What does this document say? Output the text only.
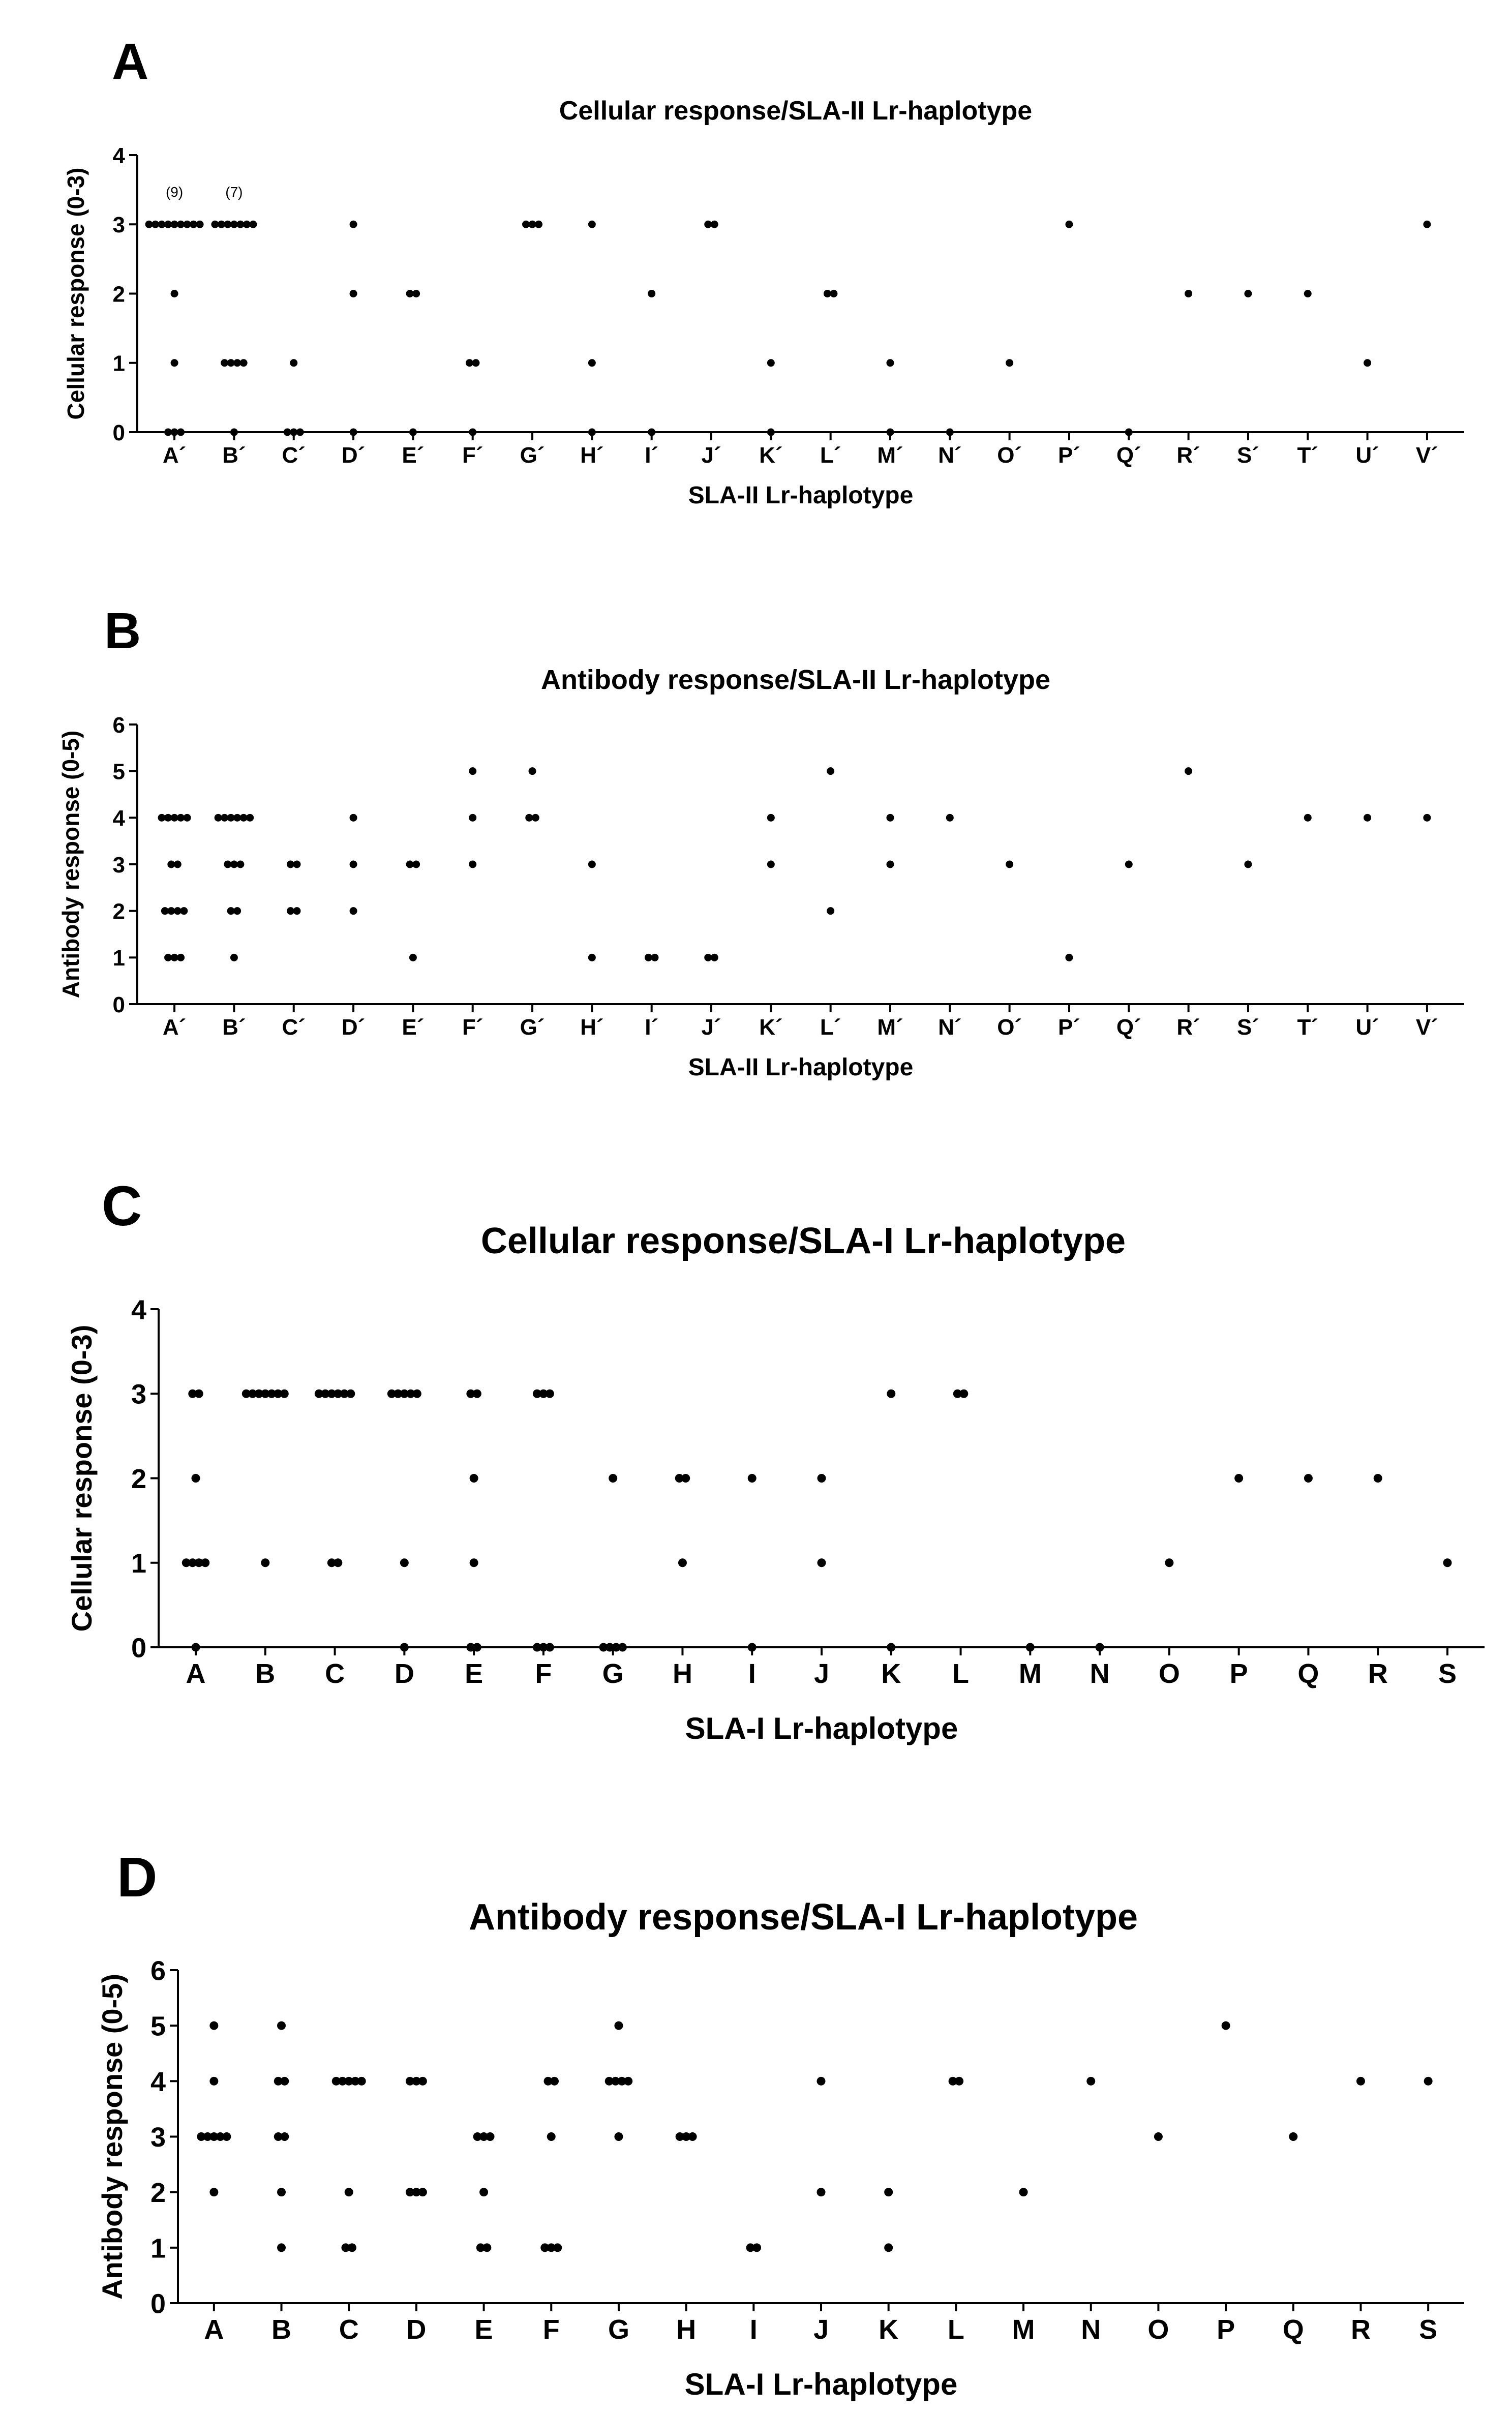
A
Cellular response/SLA-II Lr-haplotype
0
1
2
3
4
A´ B´ C´ D´ E´ F´ G´ H´ I´ J´ K´ L´ M´ N´ O´ P´ Q´ R´ S´ T´ U´ V´
SLA-II Lr-haplotype
Cellular response (0-3)	(9)	(7)
B
Antibody response/SLA-II Lr-haplotype
0
1
2
3
4
5
6
A´ B´ C´ D´ E´ F´ G´ H´ I´ J´ K´ L´ M´ N´ O´ P´ Q´ R´ S´ T´ U´ V´
SLA-II Lr-haplotype
Antibody response (0-5)
C
Cellular response/SLA-I Lr-haplotype
0
1
2
3
4
A B C D E F G H I J K L M N O P Q R S
SLA-I Lr-haplotype
Cellular response (0-3)
D
Antibody response/SLA-I Lr-haplotype
0
1
2
3
4
5
6
A B C D E F G H I J K L M N O P Q R S
SLA-I Lr-haplotype
Antibody response (0-5)
